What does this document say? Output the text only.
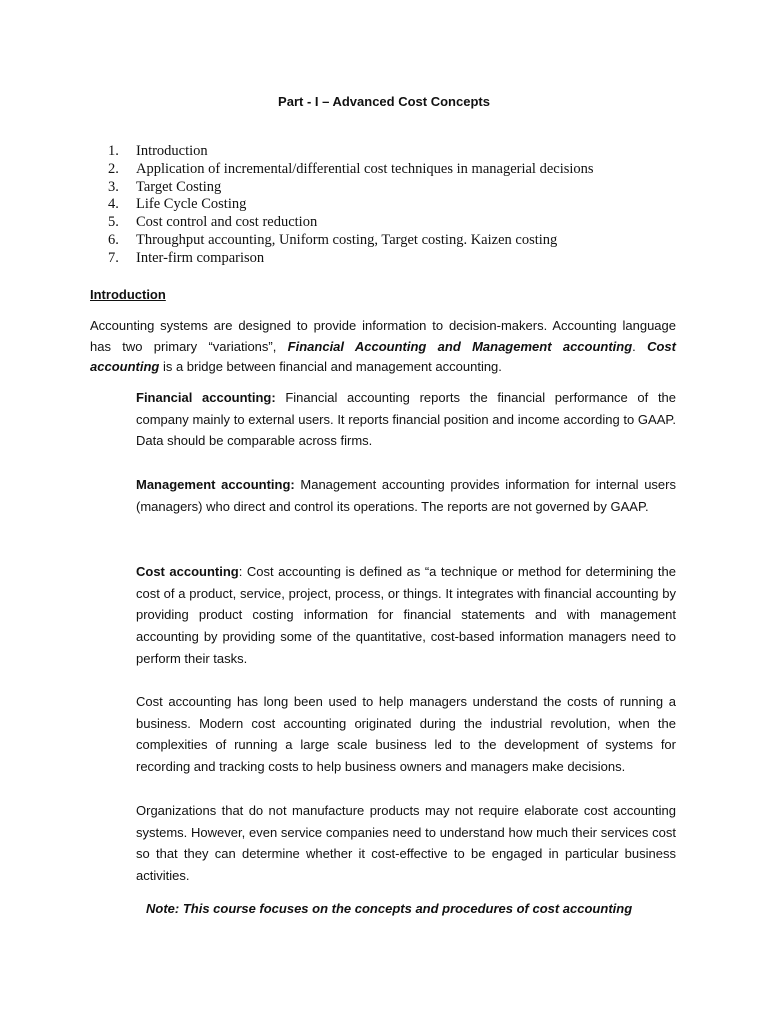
Part - I – Advanced Cost Concepts
1.	Introduction
2.	Application of incremental/differential cost techniques in managerial decisions
3.	Target Costing
4.	Life Cycle Costing
5.	Cost control and cost reduction
6.	Throughput accounting, Uniform costing, Target costing. Kaizen costing
7.	Inter-firm comparison
Introduction

Accounting systems are designed to provide information to decision-makers. Accounting language has two primary “variations”, Financial Accounting and Management accounting. Cost accounting is a bridge between financial and management accounting.

Financial accounting: Financial accounting reports the financial performance of the company mainly to external users. It reports financial position and income according to GAAP. Data should be comparable across firms.

Management accounting: Management accounting provides information for internal users (managers) who direct and control its operations. The reports are not governed by GAAP.

Cost accounting: Cost accounting is defined as “a technique or method for determining the cost of a product, service, project, process, or things. It integrates with financial accounting by providing product costing information for financial statements and with management accounting by providing some of the quantitative, cost-based information managers need to perform their tasks.

Cost accounting has long been used to help managers understand the costs of running a business. Modern cost accounting originated during the industrial revolution, when the complexities of running a large scale business led to the development of systems for recording and tracking costs to help business owners and managers make decisions.

Organizations that do not manufacture products may not require elaborate cost accounting systems. However, even service companies need to understand how much their services cost so that they can determine whether it cost-effective to be engaged in particular business activities.

Note: This course focuses on the concepts and procedures of cost accounting
